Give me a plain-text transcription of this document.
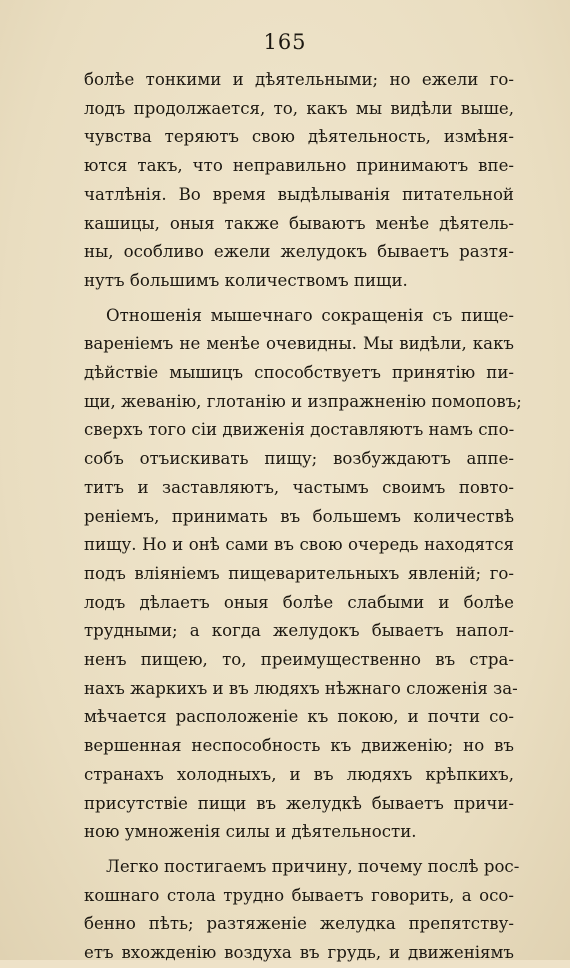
165
болѣе тонкими и дѣятельными; но ежели го-
лодъ продолжается, то, какъ мы видѣли выше,
чувства теряютъ свою дѣятельность, измѣня-
ются такъ, что неправильно принимаютъ впе-
чатлѣнія. Во время выдѣлыванія питательной
кашицы, оныя также бываютъ менѣе дѣятель-
ны, особливо ежели желудокъ бываетъ разтя-
нутъ большимъ количествомъ пищи.
Отношенія мышечнаго сокращенія съ пище-
вареніемъ не менѣе очевидны. Мы видѣли, какъ
дѣйствіе мышицъ способствуетъ принятію пи-
щи, жеванію, глотанію и изпражненію помоповъ;
сверхъ того сіи движенія доставляютъ намъ спо-
собъ отъискивать пищу; возбуждаютъ аппе-
титъ и заставляютъ, частымъ своимъ повто-
реніемъ, принимать въ большемъ количествѣ
пищу. Но и онѣ сами въ свою очередь находятся
подъ вліяніемъ пищеварительныхъ явленій; го-
лодъ дѣлаетъ оныя болѣе слабыми и болѣе
трудными; а когда желудокъ бываетъ напол-
ненъ пищею, то, преимущественно въ стра-
нахъ жаркихъ и въ людяхъ нѣжнаго сложенія за-
мѣчается расположеніе къ покою, и почти со-
вершенная неспособность къ движенію; но въ
странахъ холодныхъ, и въ людяхъ крѣпкихъ,
присутствіе пищи въ желудкѣ бываетъ причи-
ною умноженія силы и дѣятельности.
Легко постигаемъ причину, почему послѣ рос-
кошнаго стола трудно бываетъ говорить, а осо-
бенно пѣть; разтяженіе желудка препятству-
етъ вхожденію воздуха въ грудь, и движеніямъ
